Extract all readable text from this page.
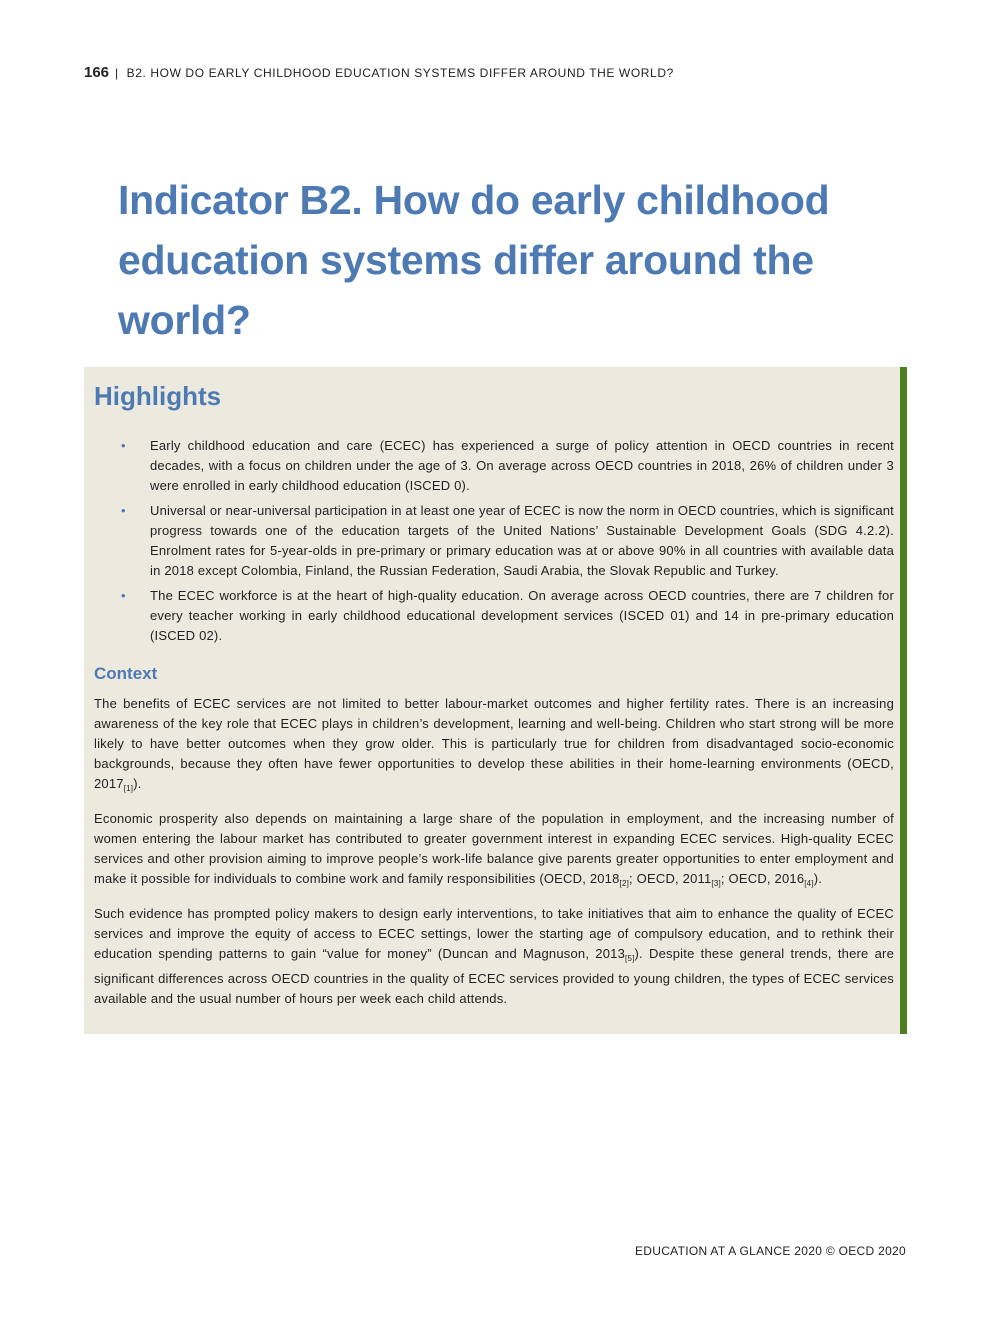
166 | B2. HOW DO EARLY CHILDHOOD EDUCATION SYSTEMS DIFFER AROUND THE WORLD?
Indicator B2. How do early childhood education systems differ around the world?
Highlights
• Early childhood education and care (ECEC) has experienced a surge of policy attention in OECD countries in recent decades, with a focus on children under the age of 3. On average across OECD countries in 2018, 26% of children under 3 were enrolled in early childhood education (ISCED 0).
• Universal or near-universal participation in at least one year of ECEC is now the norm in OECD countries, which is significant progress towards one of the education targets of the United Nations’ Sustainable Development Goals (SDG 4.2.2). Enrolment rates for 5-year-olds in pre-primary or primary education was at or above 90% in all countries with available data in 2018 except Colombia, Finland, the Russian Federation, Saudi Arabia, the Slovak Republic and Turkey.
• The ECEC workforce is at the heart of high-quality education. On average across OECD countries, there are 7 children for every teacher working in early childhood educational development services (ISCED 01) and 14 in pre-primary education (ISCED 02).
Context

The benefits of ECEC services are not limited to better labour-market outcomes and higher fertility rates. There is an increasing awareness of the key role that ECEC plays in children’s development, learning and well-being. Children who start strong will be more likely to have better outcomes when they grow older. This is particularly true for children from disadvantaged socio-economic backgrounds, because they often have fewer opportunities to develop these abilities in their home-learning environments (OECD, $2017_{[1]}$).

Economic prosperity also depends on maintaining a large share of the population in employment, and the increasing number of women entering the labour market has contributed to greater government interest in expanding ECEC services. High-quality ECEC services and other provision aiming to improve people’s work-life balance give parents greater opportunities to enter employment and make it possible for individuals to combine work and family responsibilities (OECD, $2018_{[2]}$; OECD, $2011_{[3]}$; OECD, $2016_{[4]}$).

Such evidence has prompted policy makers to design early interventions, to take initiatives that aim to enhance the quality of ECEC services and improve the equity of access to ECEC settings, lower the starting age of compulsory education, and to rethink their education spending patterns to gain “value for money” (Duncan and Magnuson, $2013_{[5]}$). Despite these general trends, there are significant differences across OECD countries in the quality of ECEC services provided to young children, the types of ECEC services available and the usual number of hours per week each child attends.

EDUCATION AT A GLANCE 2020 © OECD 2020
